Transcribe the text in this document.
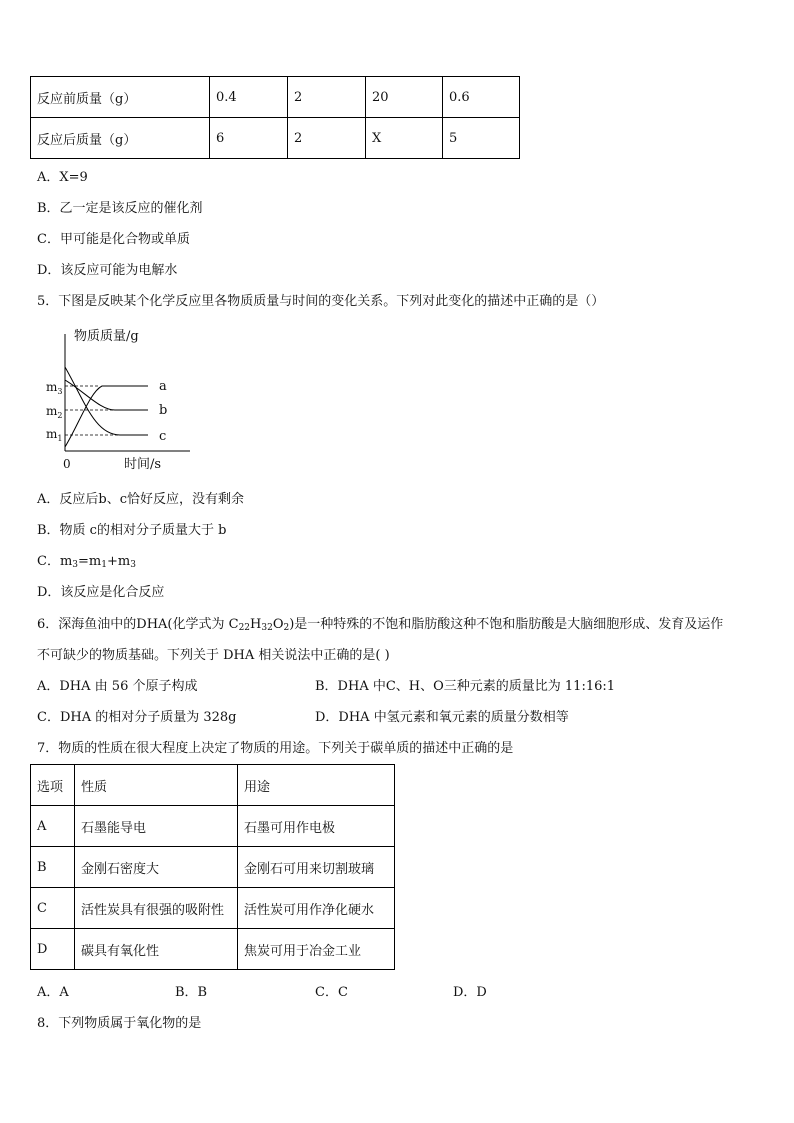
反应前质量（g）	0.4	2	20	0.6
反应后质量（g）	6	2	X	5
A．X=9
B．乙一定是该反应的催化剂
C．甲可能是化合物或单质
D．该反应可能为电解水
5．下图是反映某个化学反应里各物质质量与时间的变化关系。下列对此变化的描述中正确的是（）
物质质量/g
0	时间/s
$m_3$
$m_2$
$m_1$
a
b
c
A．反应后b、c恰好反应，没有剩余
B．物质 c的相对分子质量大于 b
C．$m_3=m_1+m_3$
D．该反应是化合反应
6．深海鱼油中的DHA(化学式为 $C_{22}H_{32}O_2$)是一种特殊的不饱和脂肪酸这种不饱和脂肪酸是大脑细胞形成、发育及运作
不可缺少的物质基础。下列关于 DHA 相关说法中正确的是( )
A．DHA 由 56 个原子构成	B．DHA 中C、H、O三种元素的质量比为 11:16:1
C．DHA 的相对分子质量为 328g	D．DHA 中氢元素和氧元素的质量分数相等
7．物质的性质在很大程度上决定了物质的用途。下列关于碳单质的描述中正确的是
选项	性质	用途
A	石墨能导电	石墨可用作电极
B	金刚石密度大	金刚石可用来切割玻璃
C	活性炭具有很强的吸附性	活性炭可用作净化硬水
D	碳具有氧化性	焦炭可用于冶金工业
A．A	B．B	C．C	D．D
8．下列物质属于氧化物的是
